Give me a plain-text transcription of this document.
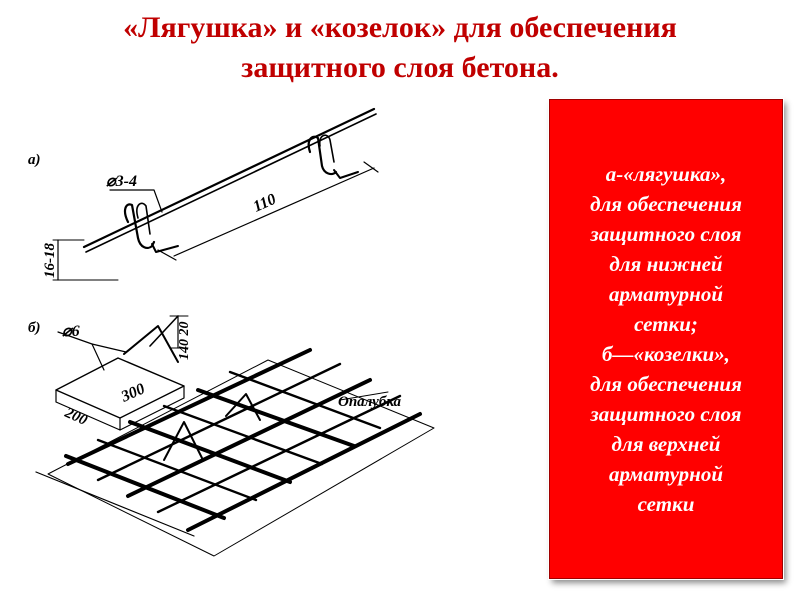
«Лягушка» и «козелок» для обеспечения
защитного слоя бетона.
а)
⌀3-4
110
16-18
б) ⌀6	140 20
300
200
Опалубка

а-«лягушка»,
для обеспечения
защитного слоя
для нижней
арматурной
сетки;
б—«козелки»,
для обеспечения
защитного слоя
для верхней
арматурной
сетки
